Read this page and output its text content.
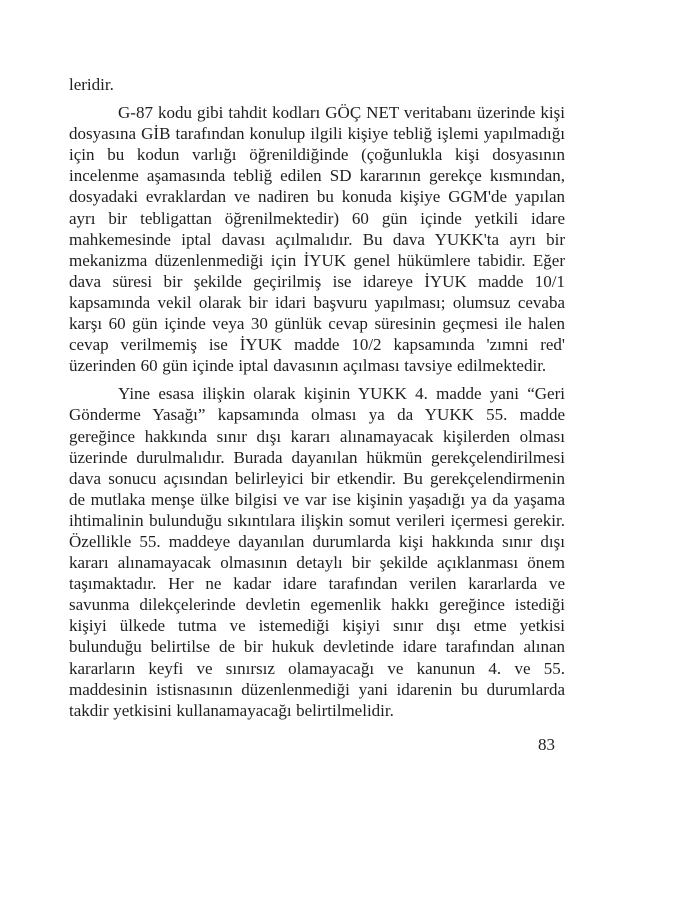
leridir.

G-87 kodu gibi tahdit kodları GÖÇ NET veritabanı üzerinde kişi dosyasına GİB tarafından konulup ilgili kişiye tebliğ işlemi yapılmadığı için bu kodun varlığı öğrenildiğinde (çoğunlukla kişi dosyasının incelenme aşamasında tebliğ edilen SD kararının gerekçe kısmından, dosyadaki evraklardan ve nadiren bu konuda kişiye GGM'de yapılan ayrı bir tebligattan öğrenilmektedir) 60 gün içinde yetkili idare mahkemesinde iptal davası açılmalıdır. Bu dava YUKK'ta ayrı bir mekanizma düzenlenmediği için İYUK genel hükümlere tabidir. Eğer dava süresi bir şekilde geçirilmiş ise idareye İYUK madde 10/1 kapsamında vekil olarak bir idari başvuru yapılması; olumsuz cevaba karşı 60 gün içinde veya 30 günlük cevap süresinin geçmesi ile halen cevap verilmemiş ise İYUK madde 10/2 kapsamında 'zımni red' üzerinden 60 gün içinde iptal davasının açılması tavsiye edilmektedir.

Yine esasa ilişkin olarak kişinin YUKK 4. madde yani “Geri Gönderme Yasağı” kapsamında olması ya da YUKK 55. madde gereğince hakkında sınır dışı kararı alınamayacak kişilerden olması üzerinde durulmalıdır. Burada dayanılan hükmün gerekçelendirilmesi dava sonucu açısından belirleyici bir etkendir. Bu gerekçelendirmenin de mutlaka menşe ülke bilgisi ve var ise kişinin yaşadığı ya da yaşama ihtimalinin bulunduğu sıkıntılara ilişkin somut verileri içermesi gerekir. Özellikle 55. maddeye dayanılan durumlarda kişi hakkında sınır dışı kararı alınamayacak olmasının detaylı bir şekilde açıklanması önem taşımaktadır. Her ne kadar idare tarafından verilen kararlarda ve savunma dilekçelerinde devletin egemenlik hakkı gereğince istediği kişiyi ülkede tutma ve istemediği kişiyi sınır dışı etme yetkisi bulunduğu belirtilse de bir hukuk devletinde idare tarafından alınan kararların keyfi ve sınırsız olamayacağı ve kanunun 4. ve 55. maddesinin istisnasının düzenlenmediği yani idarenin bu durumlarda takdir yetkisini kullanamayacağı belirtilmelidir.

83
